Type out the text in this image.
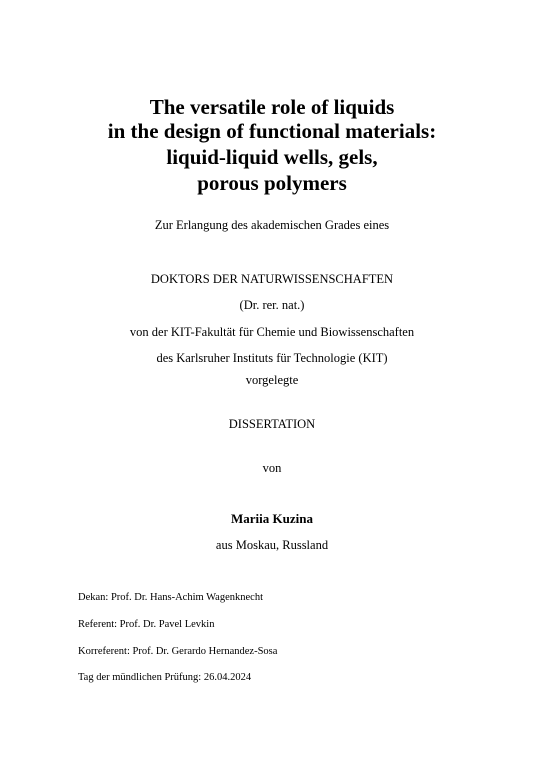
The versatile role of liquids
in the design of functional materials:
liquid-liquid wells, gels,
porous polymers
Zur Erlangung des akademischen Grades eines
DOKTORS DER NATURWISSENSCHAFTEN
(Dr. rer. nat.)
von der KIT-Fakultät für Chemie und Biowissenschaften
des Karlsruher Instituts für Technologie (KIT)
vorgelegte
DISSERTATION
von
Mariia Kuzina
aus Moskau, Russland
Dekan: Prof. Dr. Hans-Achim Wagenknecht
Referent: Prof. Dr. Pavel Levkin
Korreferent: Prof. Dr. Gerardo Hernandez-Sosa
Tag der mündlichen Prüfung: 26.04.2024
